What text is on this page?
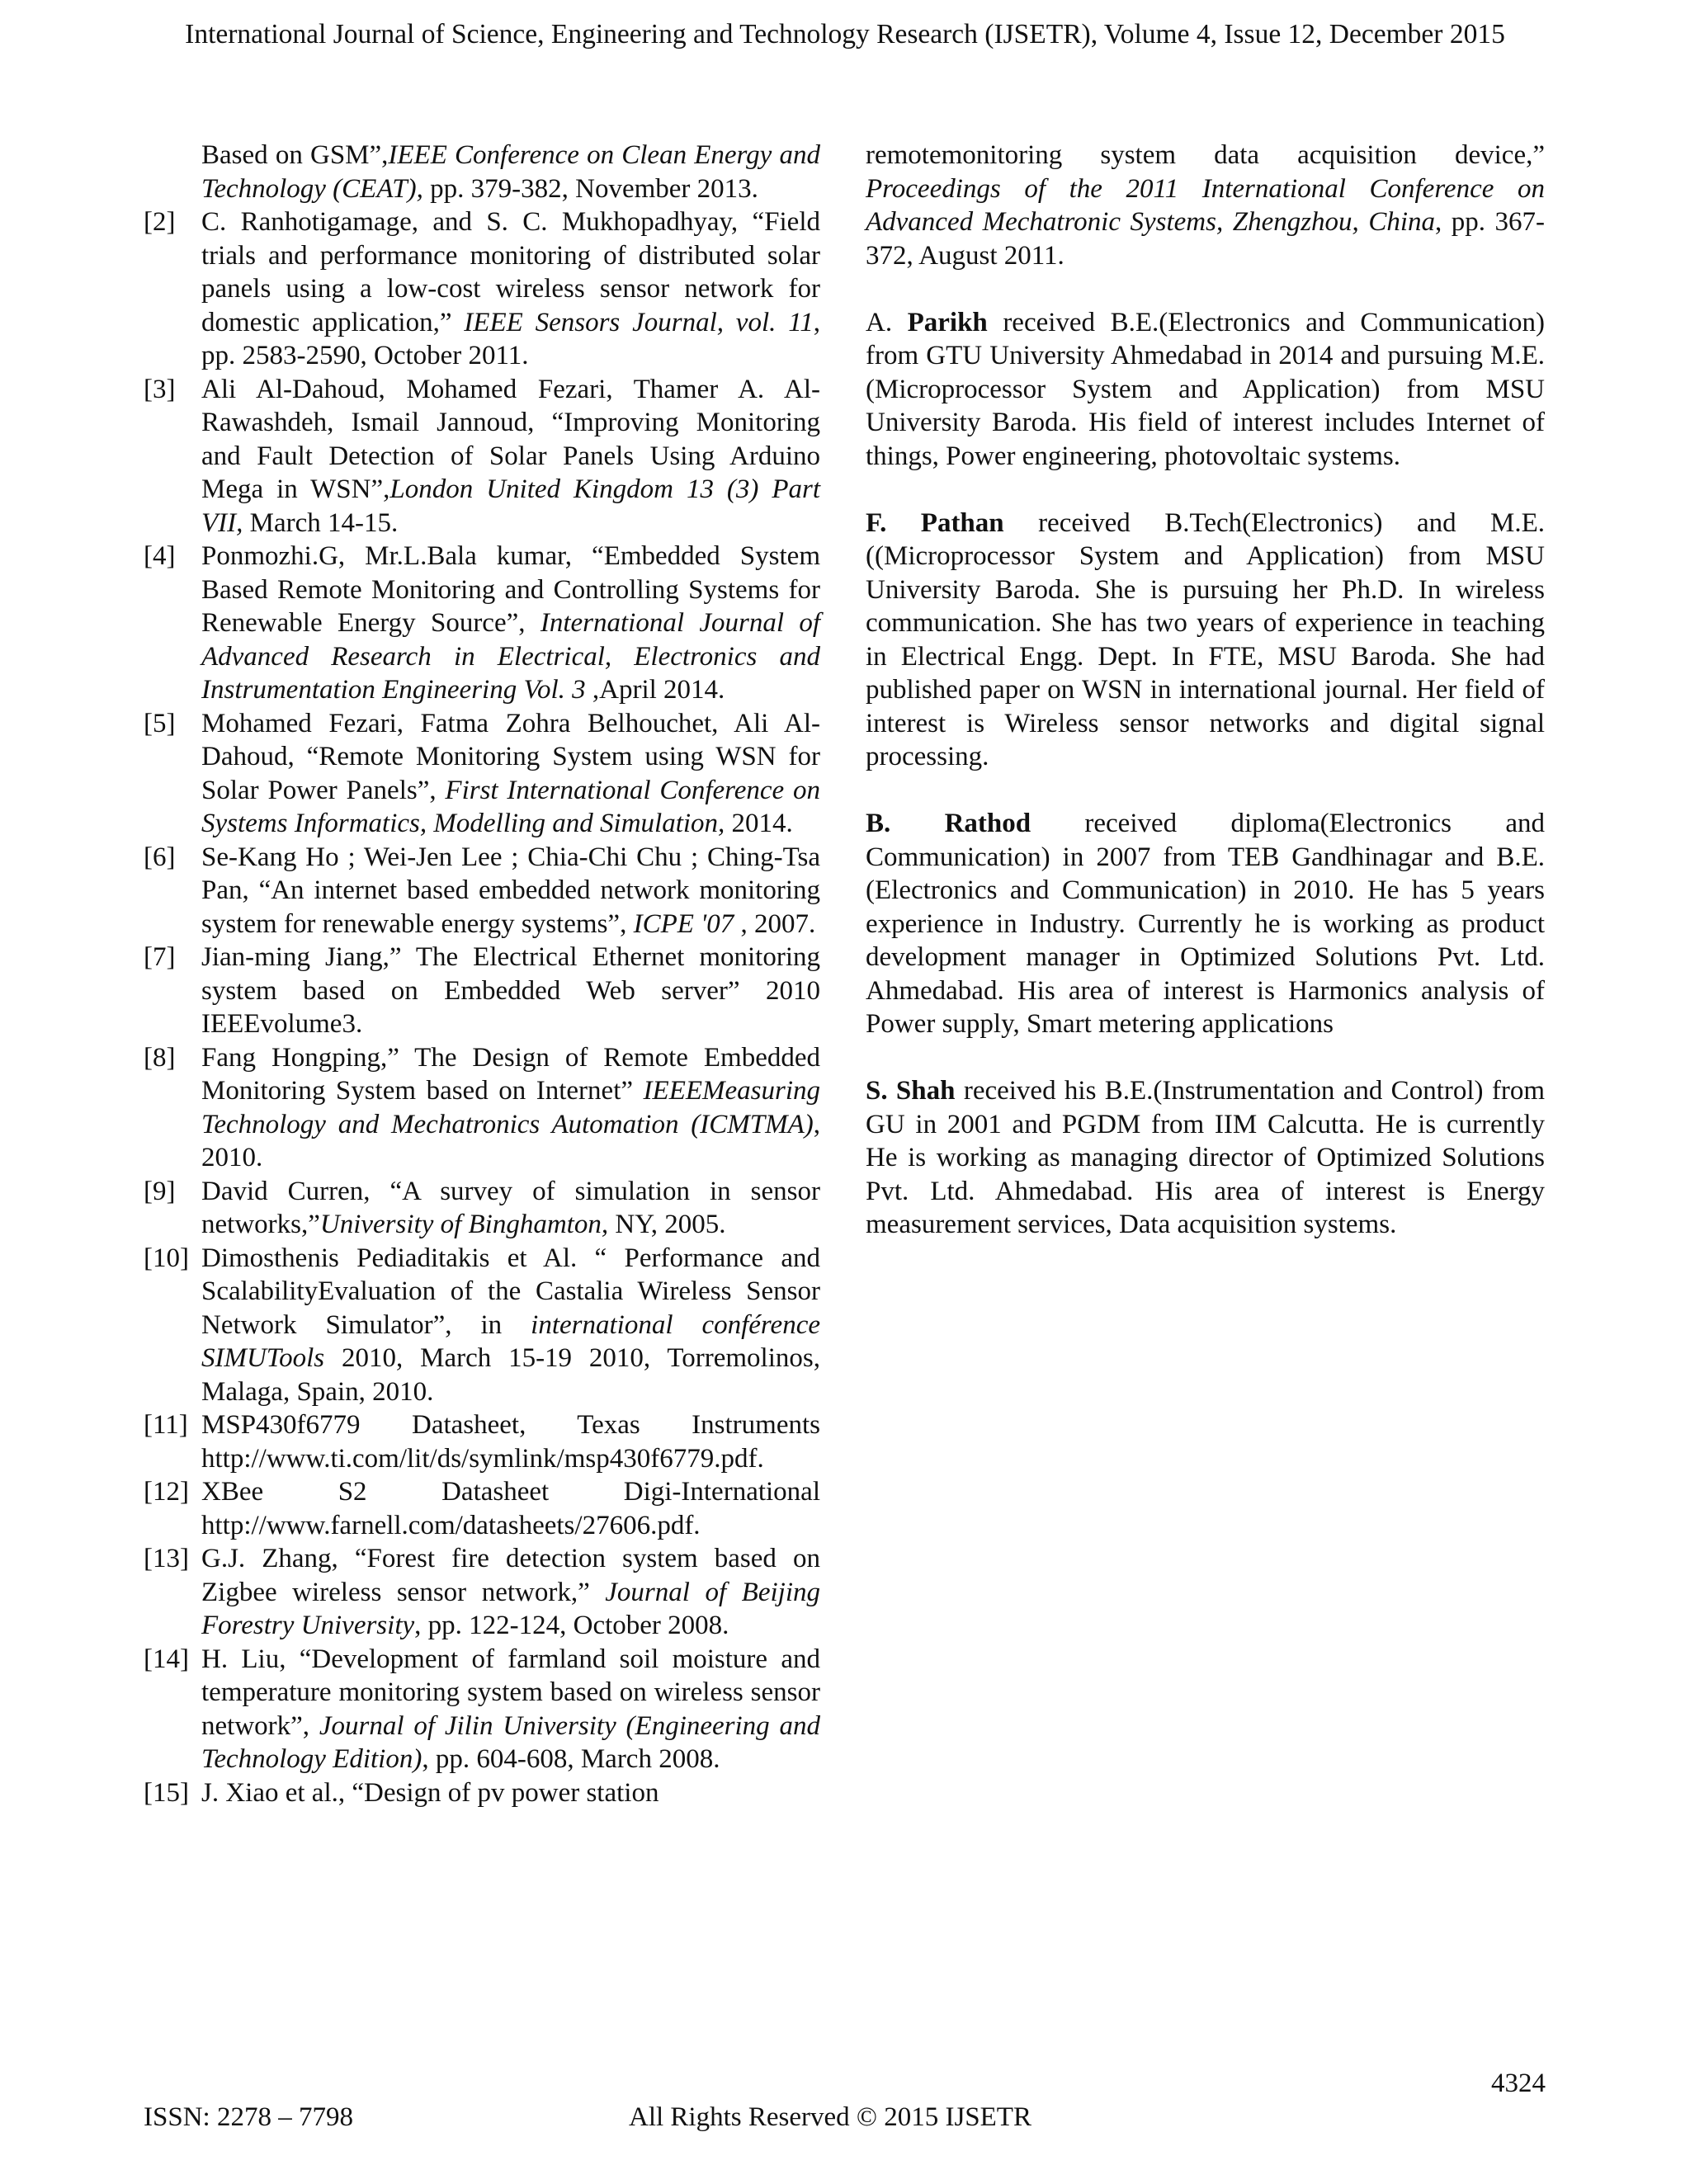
International Journal of Science, Engineering and Technology Research (IJSETR), Volume 4, Issue 12, December 2015
Based on GSM”,IEEE Conference on Clean Energy and Technology (CEAT), pp. 379-382, November 2013.
[2] C. Ranhotigamage, and S. C. Mukhopadhyay, “Field trials and performance monitoring of distributed solar panels using a low-cost wireless sensor network for domestic application,” IEEE Sensors Journal, vol. 11, pp. 2583-2590, October 2011.
[3] Ali Al-Dahoud, Mohamed Fezari, Thamer A. Al-Rawashdeh, Ismail Jannoud, “Improving Monitoring and Fault Detection of Solar Panels Using Arduino Mega in WSN”,London United Kingdom 13 (3) Part VII, March 14-15.
[4] Ponmozhi.G, Mr.L.Bala kumar, “Embedded System Based Remote Monitoring and Controlling Systems for Renewable Energy Source”, International Journal of Advanced Research in Electrical, Electronics and Instrumentation Engineering Vol. 3 ,April 2014.
[5] Mohamed Fezari, Fatma Zohra Belhouchet, Ali Al-Dahoud, “Remote Monitoring System using WSN for Solar Power Panels”, First International Conference on Systems Informatics, Modelling and Simulation, 2014.
[6] Se-Kang Ho ; Wei-Jen Lee ; Chia-Chi Chu ; Ching-Tsa Pan, “An internet based embedded network monitoring system for renewable energy systems”, ICPE '07 , 2007.
[7] Jian-ming Jiang,” The Electrical Ethernet monitoring system based on Embedded Web server” 2010 IEEEvolume3.
[8] Fang Hongping,” The Design of Remote Embedded Monitoring System based on Internet” IEEEMeasuring Technology and Mechatronics Automation (ICMTMA), 2010.
[9] David Curren, “A survey of simulation in sensor networks,”University of Binghamton, NY, 2005.
[10] Dimosthenis Pediaditakis et Al. “ Performance and ScalabilityEvaluation of the Castalia Wireless Sensor Network Simulator”, in international conférence SIMUTools 2010, March 15-19 2010, Torremolinos, Malaga, Spain, 2010.
[11] MSP430f6779 Datasheet, Texas Instruments http://www.ti.com/lit/ds/symlink/msp430f6779.pdf.
[12] XBee S2 Datasheet Digi-International http://www.farnell.com/datasheets/27606.pdf.
[13] G.J. Zhang, “Forest fire detection system based on Zigbee wireless sensor network,” Journal of Beijing Forestry University, pp. 122-124, October 2008.
[14] H. Liu, “Development of farmland soil moisture and temperature monitoring system based on wireless sensor network”, Journal of Jilin University (Engineering and Technology Edition), pp. 604-608, March 2008.
[15] J. Xiao et al., “Design of pv power station

remotemonitoring system data acquisition device,” Proceedings of the 2011 International Conference on Advanced Mechatronic Systems, Zhengzhou, China, pp. 367-372, August 2011.

A. Parikh received B.E.(Electronics and Communication) from GTU University Ahmedabad in 2014 and pursuing M.E.(Microprocessor System and Application) from MSU University Baroda. His field of interest includes Internet of things, Power engineering, photovoltaic systems.

F. Pathan received B.Tech(Electronics) and M.E.((Microprocessor System and Application) from MSU University Baroda. She is pursuing her Ph.D. In wireless communication. She has two years of experience in teaching in Electrical Engg. Dept. In FTE, MSU Baroda. She had published paper on WSN in international journal. Her field of interest is Wireless sensor networks and digital signal processing.

B. Rathod received diploma(Electronics and Communication) in 2007 from TEB Gandhinagar and B.E.(Electronics and Communication) in 2010. He has 5 years experience in Industry. Currently he is working as product development manager in Optimized Solutions Pvt. Ltd. Ahmedabad. His area of interest is Harmonics analysis of Power supply, Smart metering applications

S. Shah received his B.E.(Instrumentation and Control) from GU in 2001 and PGDM from IIM Calcutta. He is currently He is working as managing director of Optimized Solutions Pvt. Ltd. Ahmedabad. His area of interest is Energy measurement services, Data acquisition systems.

4324
ISSN: 2278 – 7798	All Rights Reserved © 2015 IJSETR
